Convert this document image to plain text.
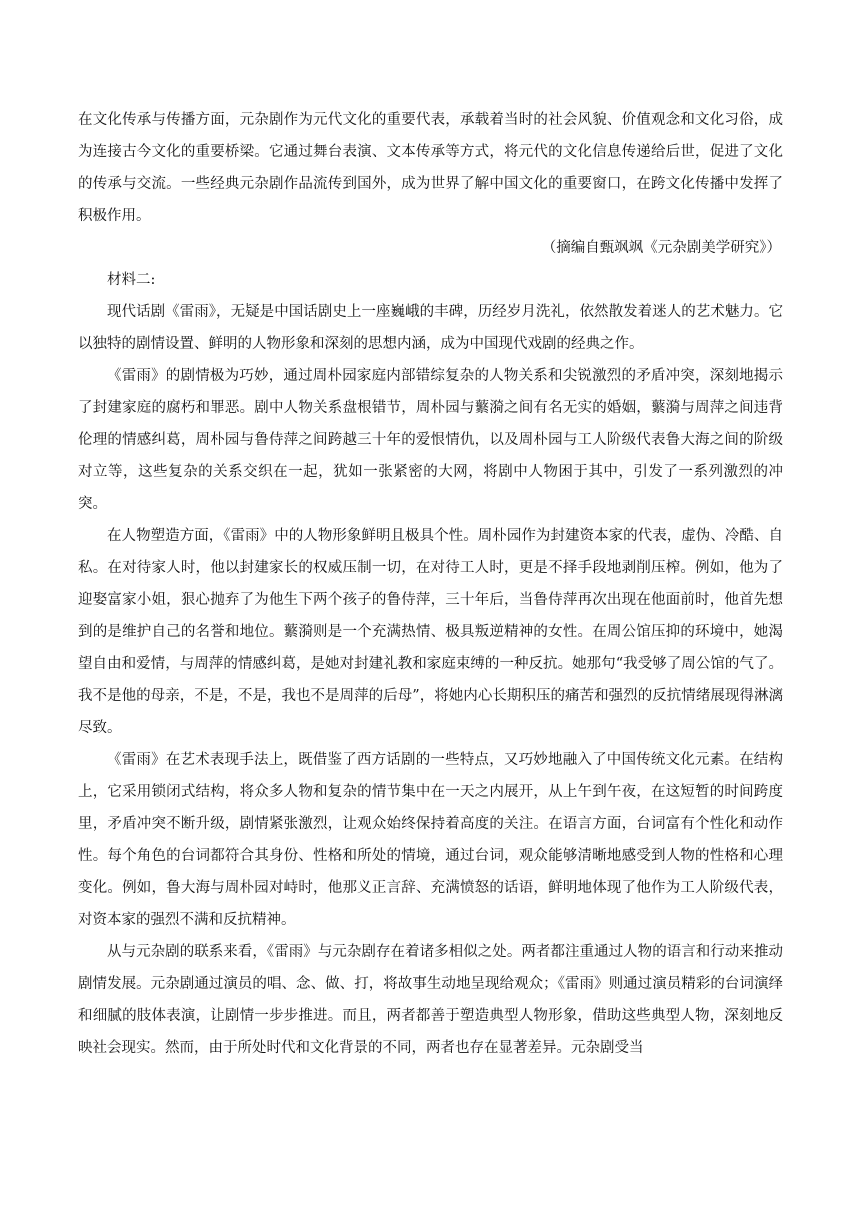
在文化传承与传播方面，元杂剧作为元代文化的重要代表，承载着当时的社会风貌、价值观念和文化习俗，成为连接古今文化的重要桥梁。它通过舞台表演、文本传承等方式，将元代的文化信息传递给后世，促进了文化的传承与交流。一些经典元杂剧作品流传到国外，成为世界了解中国文化的重要窗口，在跨文化传播中发挥了积极作用。

（摘编自甄飒飒《元杂剧美学研究》）

材料二:

现代话剧《雷雨》，无疑是中国话剧史上一座巍峨的丰碑，历经岁月洗礼，依然散发着迷人的艺术魅力。它以独特的剧情设置、鲜明的人物形象和深刻的思想内涵，成为中国现代戏剧的经典之作。

《雷雨》的剧情极为巧妙，通过周朴园家庭内部错综复杂的人物关系和尖锐激烈的矛盾冲突，深刻地揭示了封建家庭的腐朽和罪恶。剧中人物关系盘根错节，周朴园与蘩漪之间有名无实的婚姻，蘩漪与周萍之间违背伦理的情感纠葛，周朴园与鲁侍萍之间跨越三十年的爱恨情仇，以及周朴园与工人阶级代表鲁大海之间的阶级对立等，这些复杂的关系交织在一起，犹如一张紧密的大网，将剧中人物困于其中，引发了一系列激烈的冲突。

在人物塑造方面，《雷雨》中的人物形象鲜明且极具个性。周朴园作为封建资本家的代表，虚伪、冷酷、自私。在对待家人时，他以封建家长的权威压制一切，在对待工人时，更是不择手段地剥削压榨。例如，他为了迎娶富家小姐，狠心抛弃了为他生下两个孩子的鲁侍萍，三十年后，当鲁侍萍再次出现在他面前时，他首先想到的是维护自己的名誉和地位。蘩漪则是一个充满热情、极具叛逆精神的女性。在周公馆压抑的环境中，她渴望自由和爱情，与周萍的情感纠葛，是她对封建礼教和家庭束缚的一种反抗。她那句“我受够了周公馆的气了。我不是他的母亲，不是，不是，我也不是周萍的后母”，将她内心长期积压的痛苦和强烈的反抗情绪展现得淋漓尽致。

《雷雨》在艺术表现手法上，既借鉴了西方话剧的一些特点，又巧妙地融入了中国传统文化元素。在结构上，它采用锁闭式结构，将众多人物和复杂的情节集中在一天之内展开，从上午到午夜，在这短暂的时间跨度里，矛盾冲突不断升级，剧情紧张激烈，让观众始终保持着高度的关注。在语言方面，台词富有个性化和动作性。每个角色的台词都符合其身份、性格和所处的情境，通过台词，观众能够清晰地感受到人物的性格和心理变化。例如，鲁大海与周朴园对峙时，他那义正言辞、充满愤怒的话语，鲜明地体现了他作为工人阶级代表，对资本家的强烈不满和反抗精神。

从与元杂剧的联系来看，《雷雨》与元杂剧存在着诸多相似之处。两者都注重通过人物的语言和行动来推动剧情发展。元杂剧通过演员的唱、念、做、打，将故事生动地呈现给观众；《雷雨》则通过演员精彩的台词演绎和细腻的肢体表演，让剧情一步步推进。而且，两者都善于塑造典型人物形象，借助这些典型人物，深刻地反映社会现实。然而，由于所处时代和文化背景的不同，两者也存在显著差异。元杂剧受当
